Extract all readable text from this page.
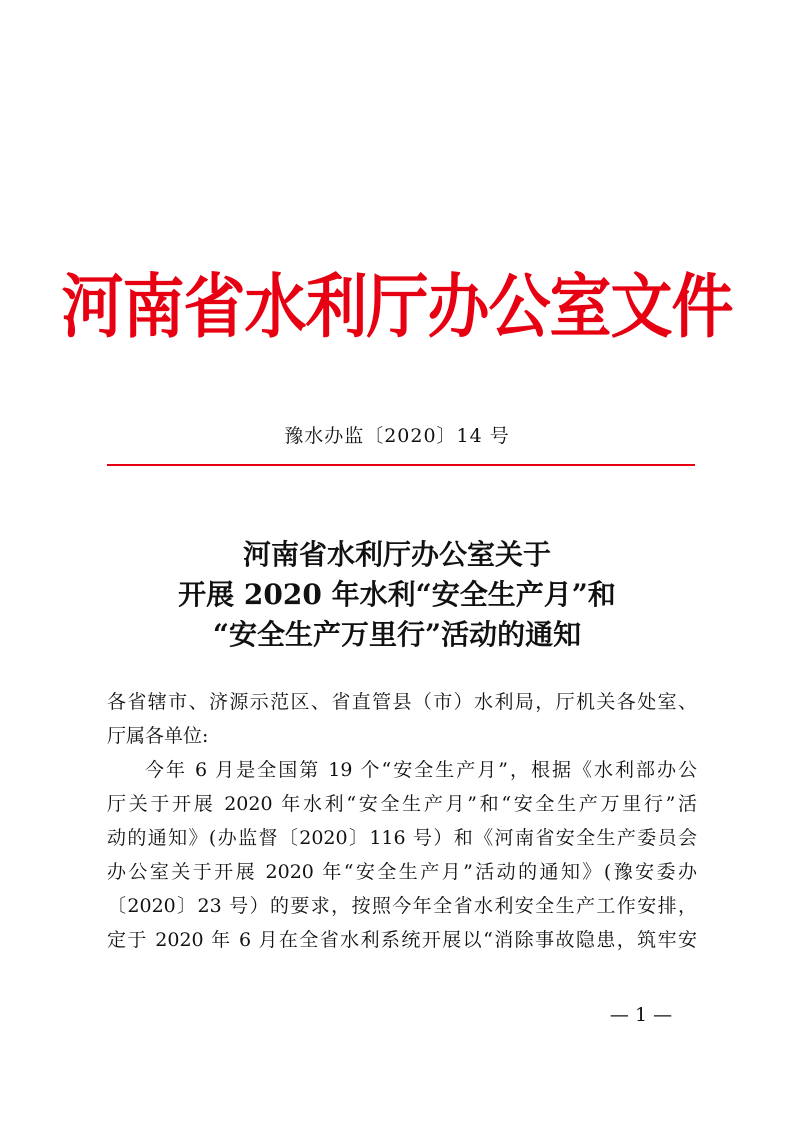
河南省水利厅办公室文件
豫水办监〔2020〕14 号
河南省水利厅办公室关于
开展 2020 年水利“安全生产月”和
“安全生产万里行”活动的通知

各省辖市、济源示范区、省直管县（市）水利局，厅机关各处室、
厅属各单位:

今年 6 月是全国第 19 个“安全生产月”，根据《水利部办公
厅关于开展 2020 年水利“安全生产月”和“安全生产万里行”活
动的通知》(办监督〔2020〕116 号）和《河南省安全生产委员会
办公室关于开展 2020 年“安全生产月”活动的通知》(豫安委办
〔2020〕23 号）的要求，按照今年全省水利安全生产工作安排，
定于 2020 年 6 月在全省水利系统开展以“消除事故隐患，筑牢安

— 1 —
